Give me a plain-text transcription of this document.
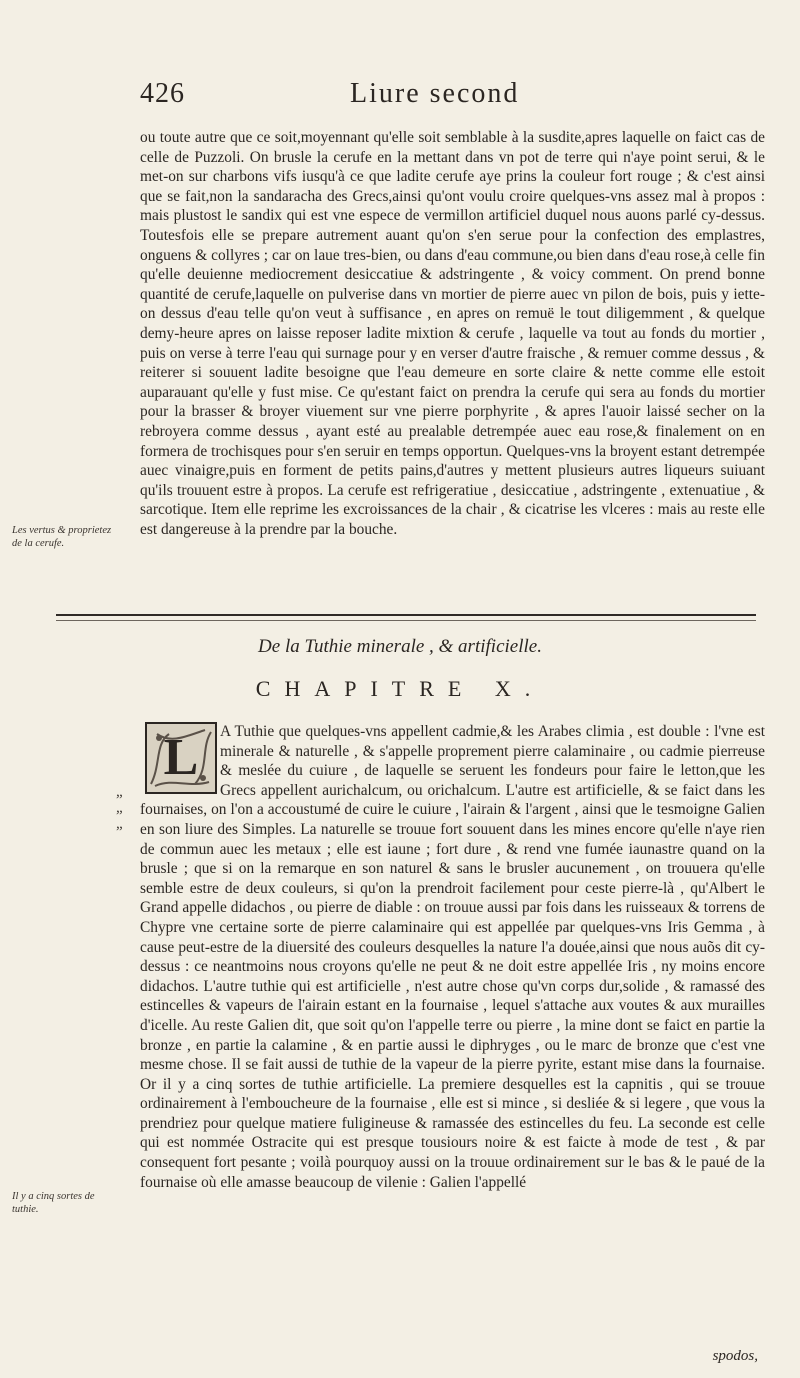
426	Liure second
ou toute autre que ce soit,moyennant qu'elle soit semblable à la susdite,apres laquelle on faict cas de celle de Puzzoli. On brusle la cerufe en la mettant dans vn pot de terre qui n'aye point serui, & le met-on sur charbons vifs iusqu'à ce que ladite cerufe aye prins la couleur fort rouge ; & c'est ainsi que se fait,non la sandaracha des Grecs,ainsi qu'ont voulu croire quelques-vns assez mal à propos : mais plustost le sandix qui est vne espece de vermillon artificiel duquel nous auons parlé cy-dessus. Toutesfois elle se prepare autrement auant qu'on s'en serue pour la confection des emplastres, onguens & collyres ; car on laue tres-bien, ou dans d'eau commune,ou bien dans d'eau rose,à celle fin qu'elle deuienne mediocrement desiccatiue & adstringente , & voicy comment. On prend bonne quantité de cerufe,laquelle on pulverise dans vn mortier de pierre auec vn pilon de bois, puis y iette-on dessus d'eau telle qu'on veut à suffisance , en apres on remuë le tout diligemment , & quelque demy-heure apres on laisse reposer ladite mixtion & cerufe , laquelle va tout au fonds du mortier , puis on verse à terre l'eau qui surnage pour y en verser d'autre fraische , & remuer comme dessus , & reiterer si souuent ladite besoigne que l'eau demeure en sorte claire & nette comme elle estoit auparauant qu'elle y fust mise. Ce qu'estant faict on prendra la cerufe qui sera au fonds du mortier pour la brasser & broyer viuement sur vne pierre porphyrite , & apres l'auoir laissé secher on la rebroyera comme dessus , ayant esté au prealable detrempée auec eau rose,& finalement on en formera de trochisques pour s'en seruir en temps opportun. Quelques-vns la broyent estant detrempée auec vinaigre,puis en forment de petits pains,d'autres y mettent plusieurs autres liqueurs suiuant qu'ils trouuent estre à propos. La cerufe est refrigeratiue , desiccatiue , adstringente , extenuatiue , & sarcotique. Item elle reprime les excroissances de la chair , & cicatrise les vlceres : mais au reste elle est dangereuse à la prendre par la bouche.
Les vertus & proprietez de la cerufe.
De la Tuthie minerale , & artificielle.
CHAPITRE X.
L	A Tuthie que quelques-vns appellent cadmie,& les Arabes climia , est double : l'vne est minerale & naturelle , & s'appelle proprement pierre calaminaire , ou cadmie pierreuse & meslée du cuiure , de laquelle se seruent les fondeurs pour faire le letton,que les Grecs appellent aurichalcum, ou orichalcum. L'autre est artificielle, & se faict dans les fournaises, on l'on a accoustumé de cuire le cuiure , l'airain & l'argent , ainsi que le tesmoigne Galien en son liure des Simples. La naturelle se trouue fort souuent dans les mines encore qu'elle n'aye rien de commun auec les metaux ; elle est iaune ; fort dure , & rend vne fumée iaunastre quand on la brusle ; que si on la remarque en son naturel & sans le brusler aucunement , on trouuera qu'elle semble estre de deux couleurs, si qu'on la prendroit facilement pour ceste pierre-là , qu'Albert le Grand appelle didachos , ou pierre de diable : on trouue aussi par fois dans les ruisseaux & torrens de Chypre vne certaine sorte de pierre calaminaire qui est appellée par quelques-vns Iris Gemma , à cause peut-estre de la diuersité des couleurs desquelles la nature l'a douée,ainsi que nous auõs dit cy-dessus : ce neantmoins nous croyons qu'elle ne peut & ne doit estre appellée Iris , ny moins encore didachos. L'autre tuthie qui est artificielle , n'est autre chose qu'vn corps dur,solide , & ramassé des estincelles & vapeurs de l'airain estant en la fournaise , lequel s'attache aux voutes & aux murailles d'icelle. Au reste Galien dit, que soit qu'on l'appelle terre ou pierre , la mine dont se faict en partie la bronze , en partie la calamine , & en partie aussi le diphryges , ou le marc de bronze que c'est vne mesme chose. Il se fait aussi de tuthie de la vapeur de la pierre pyrite, estant mise dans la fournaise. Or il y a cinq sortes de tuthie artificielle. La premiere desquelles est la capnitis , qui se trouue ordinairement à l'emboucheure de la fournaise , elle est si mince , si desliée & si legere , que vous la prendriez pour quelque matiere fuligineuse & ramassée des estincelles du feu. La seconde est celle qui est nommée Ostracite qui est presque tousiours noire & est faicte à mode de test , & par consequent fort pesante ; voilà pourquoy aussi on la trouue ordinairement sur le bas & le paué de la fournaise où elle amasse beaucoup de vilenie : Galien l'appellé
”
”
”
Il y a cinq sortes de tuthie.
spodos,
